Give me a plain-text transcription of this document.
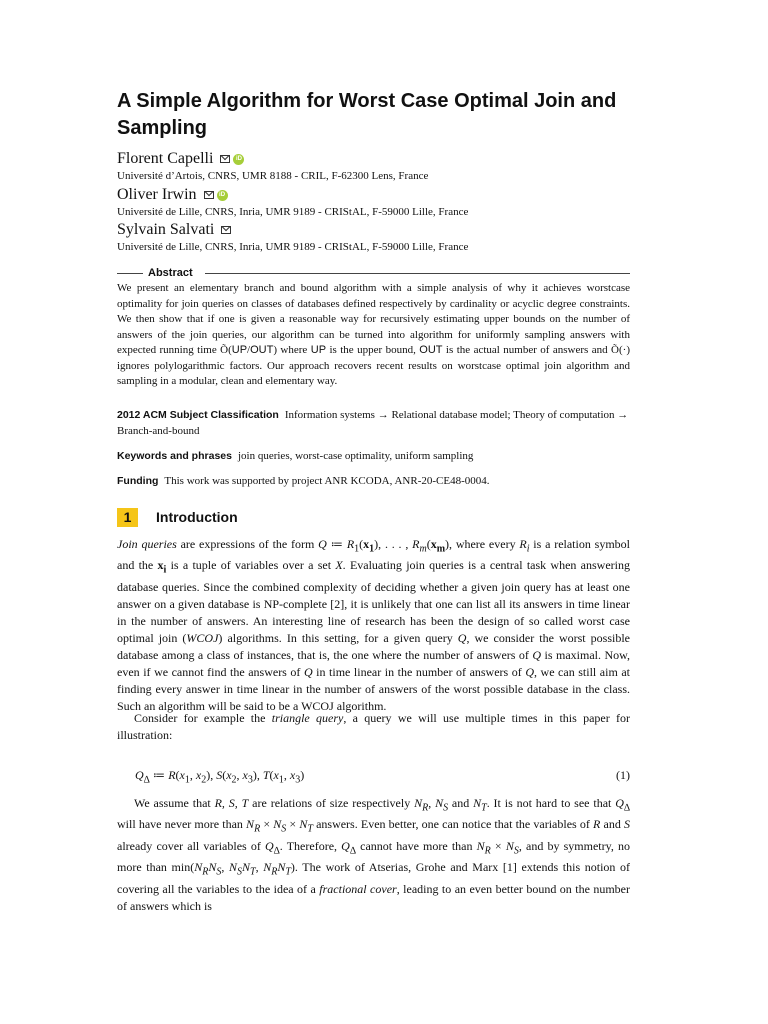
A Simple Algorithm for Worst Case Optimal Join and Sampling
Florent Capelli	iD
Université d’Artois, CNRS, UMR 8188 - CRIL, F-62300 Lens, France
Oliver Irwin	iD
Université de Lille, CNRS, Inria, UMR 9189 - CRIStAL, F-59000 Lille, France
Sylvain Salvati
Université de Lille, CNRS, Inria, UMR 9189 - CRIStAL, F-59000 Lille, France
Abstract

We present an elementary branch and bound algorithm with a simple analysis of why it achieves worstcase optimality for join queries on classes of databases defined respectively by cardinality or acyclic degree constraints. We then show that if one is given a reasonable way for recursively estimating upper bounds on the number of answers of the join queries, our algorithm can be turned into algorithm for uniformly sampling answers with expected running time Õ(UP/OUT) where UP is the upper bound, OUT is the actual number of answers and Õ(·) ignores polylogarithmic factors. Our approach recovers recent results on worstcase optimal join algorithm and sampling in a modular, clean and elementary way.

2012 ACM Subject Classification Information systems → Relational database model; Theory of computation → Branch-and-bound

Keywords and phrases join queries, worst-case optimality, uniform sampling

Funding This work was supported by project ANR KCODA, ANR-20-CE48-0004.

1	Introduction

Join queries are expressions of the form Q ≔ $R_1(x_1)$, . . . , $R_m(x_m)$, where every $R_i$ is a relation symbol and the $x_i$ is a tuple of variables over a set X. Evaluating join queries is a central task when answering database queries. Since the combined complexity of deciding whether a given join query has at least one answer on a given database is NP-complete [2], it is unlikely that one can list all its answers in time linear in the number of answers. An interesting line of research has been the design of so called worst case optimal join (WCOJ) algorithms. In this setting, for a given query Q, we consider the worst possible database among a class of instances, that is, the one where the number of answers of Q is maximal. Now, even if we cannot find the answers of Q in time linear in the number of answers of Q, we can still aim at finding every answer in time linear in the number of answers of the worst possible database in the class. Such an algorithm will be said to be a WCOJ algorithm.

Consider for example the triangle query, a query we will use multiple times in this paper for illustration:

$Q_\Delta$ ≔ $R(x_1$, $x_2$), $S(x_2$, $x_3$), $T(x_1$, $x_3$)	(1)

We assume that R, S, T are relations of size respectively $N_R$, $N_S$ and $N_T$. It is not hard to see that $Q_\Delta$ will have never more than $N_R \times N_S \times N_T$ answers. Even better, one can notice that the variables of R and S already cover all variables of $Q_\Delta$. Therefore, $Q_\Delta$ cannot have more than $N_R \times N_S$, and by symmetry, no more than $\min(N_RN_S$, $N_SN_T$, $N_RN_T$). The work of Atserias, Grohe and Marx [1] extends this notion of covering all the variables to the idea of a fractional cover, leading to an even better bound on the number of answers which is
